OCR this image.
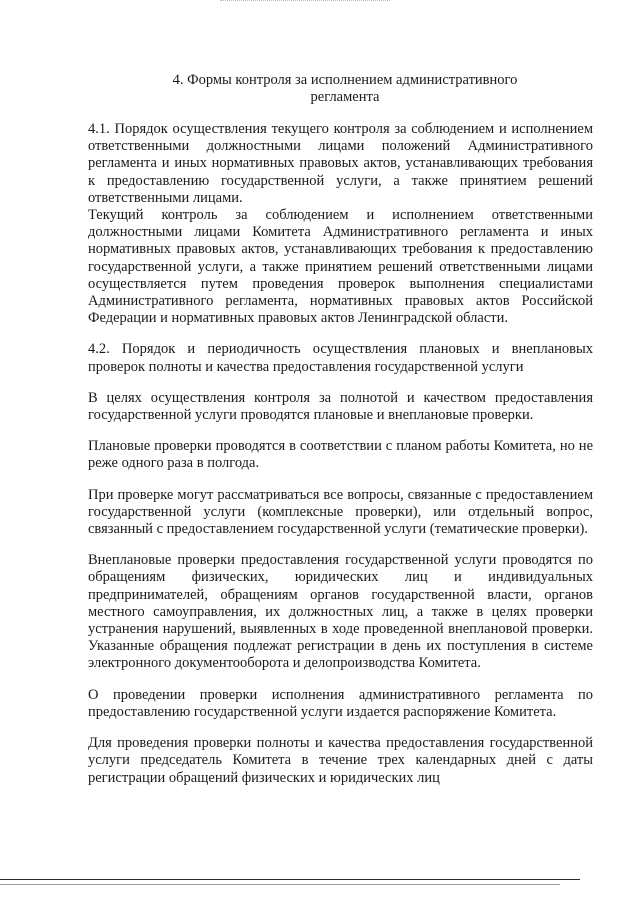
4. Формы контроля за исполнением административного
регламента

4.1. Порядок осуществления текущего контроля за соблюдением и исполнением ответственными должностными лицами положений Административного регламента и иных нормативных правовых актов, устанавливающих требования к предоставлению государственной услуги, а также принятием решений ответственными лицами.

Текущий контроль за соблюдением и исполнением ответственными должностными лицами Комитета Административного регламента и иных нормативных правовых актов, устанавливающих требования к предоставлению государственной услуги, а также принятием решений ответственными лицами осуществляется путем проведения проверок выполнения специалистами Административного регламента, нормативных правовых актов Российской Федерации и нормативных правовых актов Ленинградской области.

4.2. Порядок и периодичность осуществления плановых и внеплановых проверок полноты и качества предоставления государственной услуги

В целях осуществления контроля за полнотой и качеством предоставления государственной услуги проводятся плановые и внеплановые проверки.

Плановые проверки проводятся в соответствии с планом работы Комитета, но не реже одного раза в полгода.

При проверке могут рассматриваться все вопросы, связанные с предоставлением государственной услуги (комплексные проверки), или отдельный вопрос, связанный с предоставлением государственной услуги (тематические проверки).

Внеплановые проверки предоставления государственной услуги проводятся по обращениям физических, юридических лиц и индивидуальных предпринимателей, обращениям органов государственной власти, органов местного самоуправления, их должностных лиц, а также в целях проверки устранения нарушений, выявленных в ходе проведенной внеплановой проверки. Указанные обращения подлежат регистрации в день их поступления в системе электронного документооборота и делопроизводства Комитета.

О проведении проверки исполнения административного регламента по предоставлению государственной услуги издается распоряжение Комитета.

Для проведения проверки полноты и качества предоставления государственной услуги председатель Комитета в течение трех календарных дней с даты регистрации обращений физических и юридических лиц
